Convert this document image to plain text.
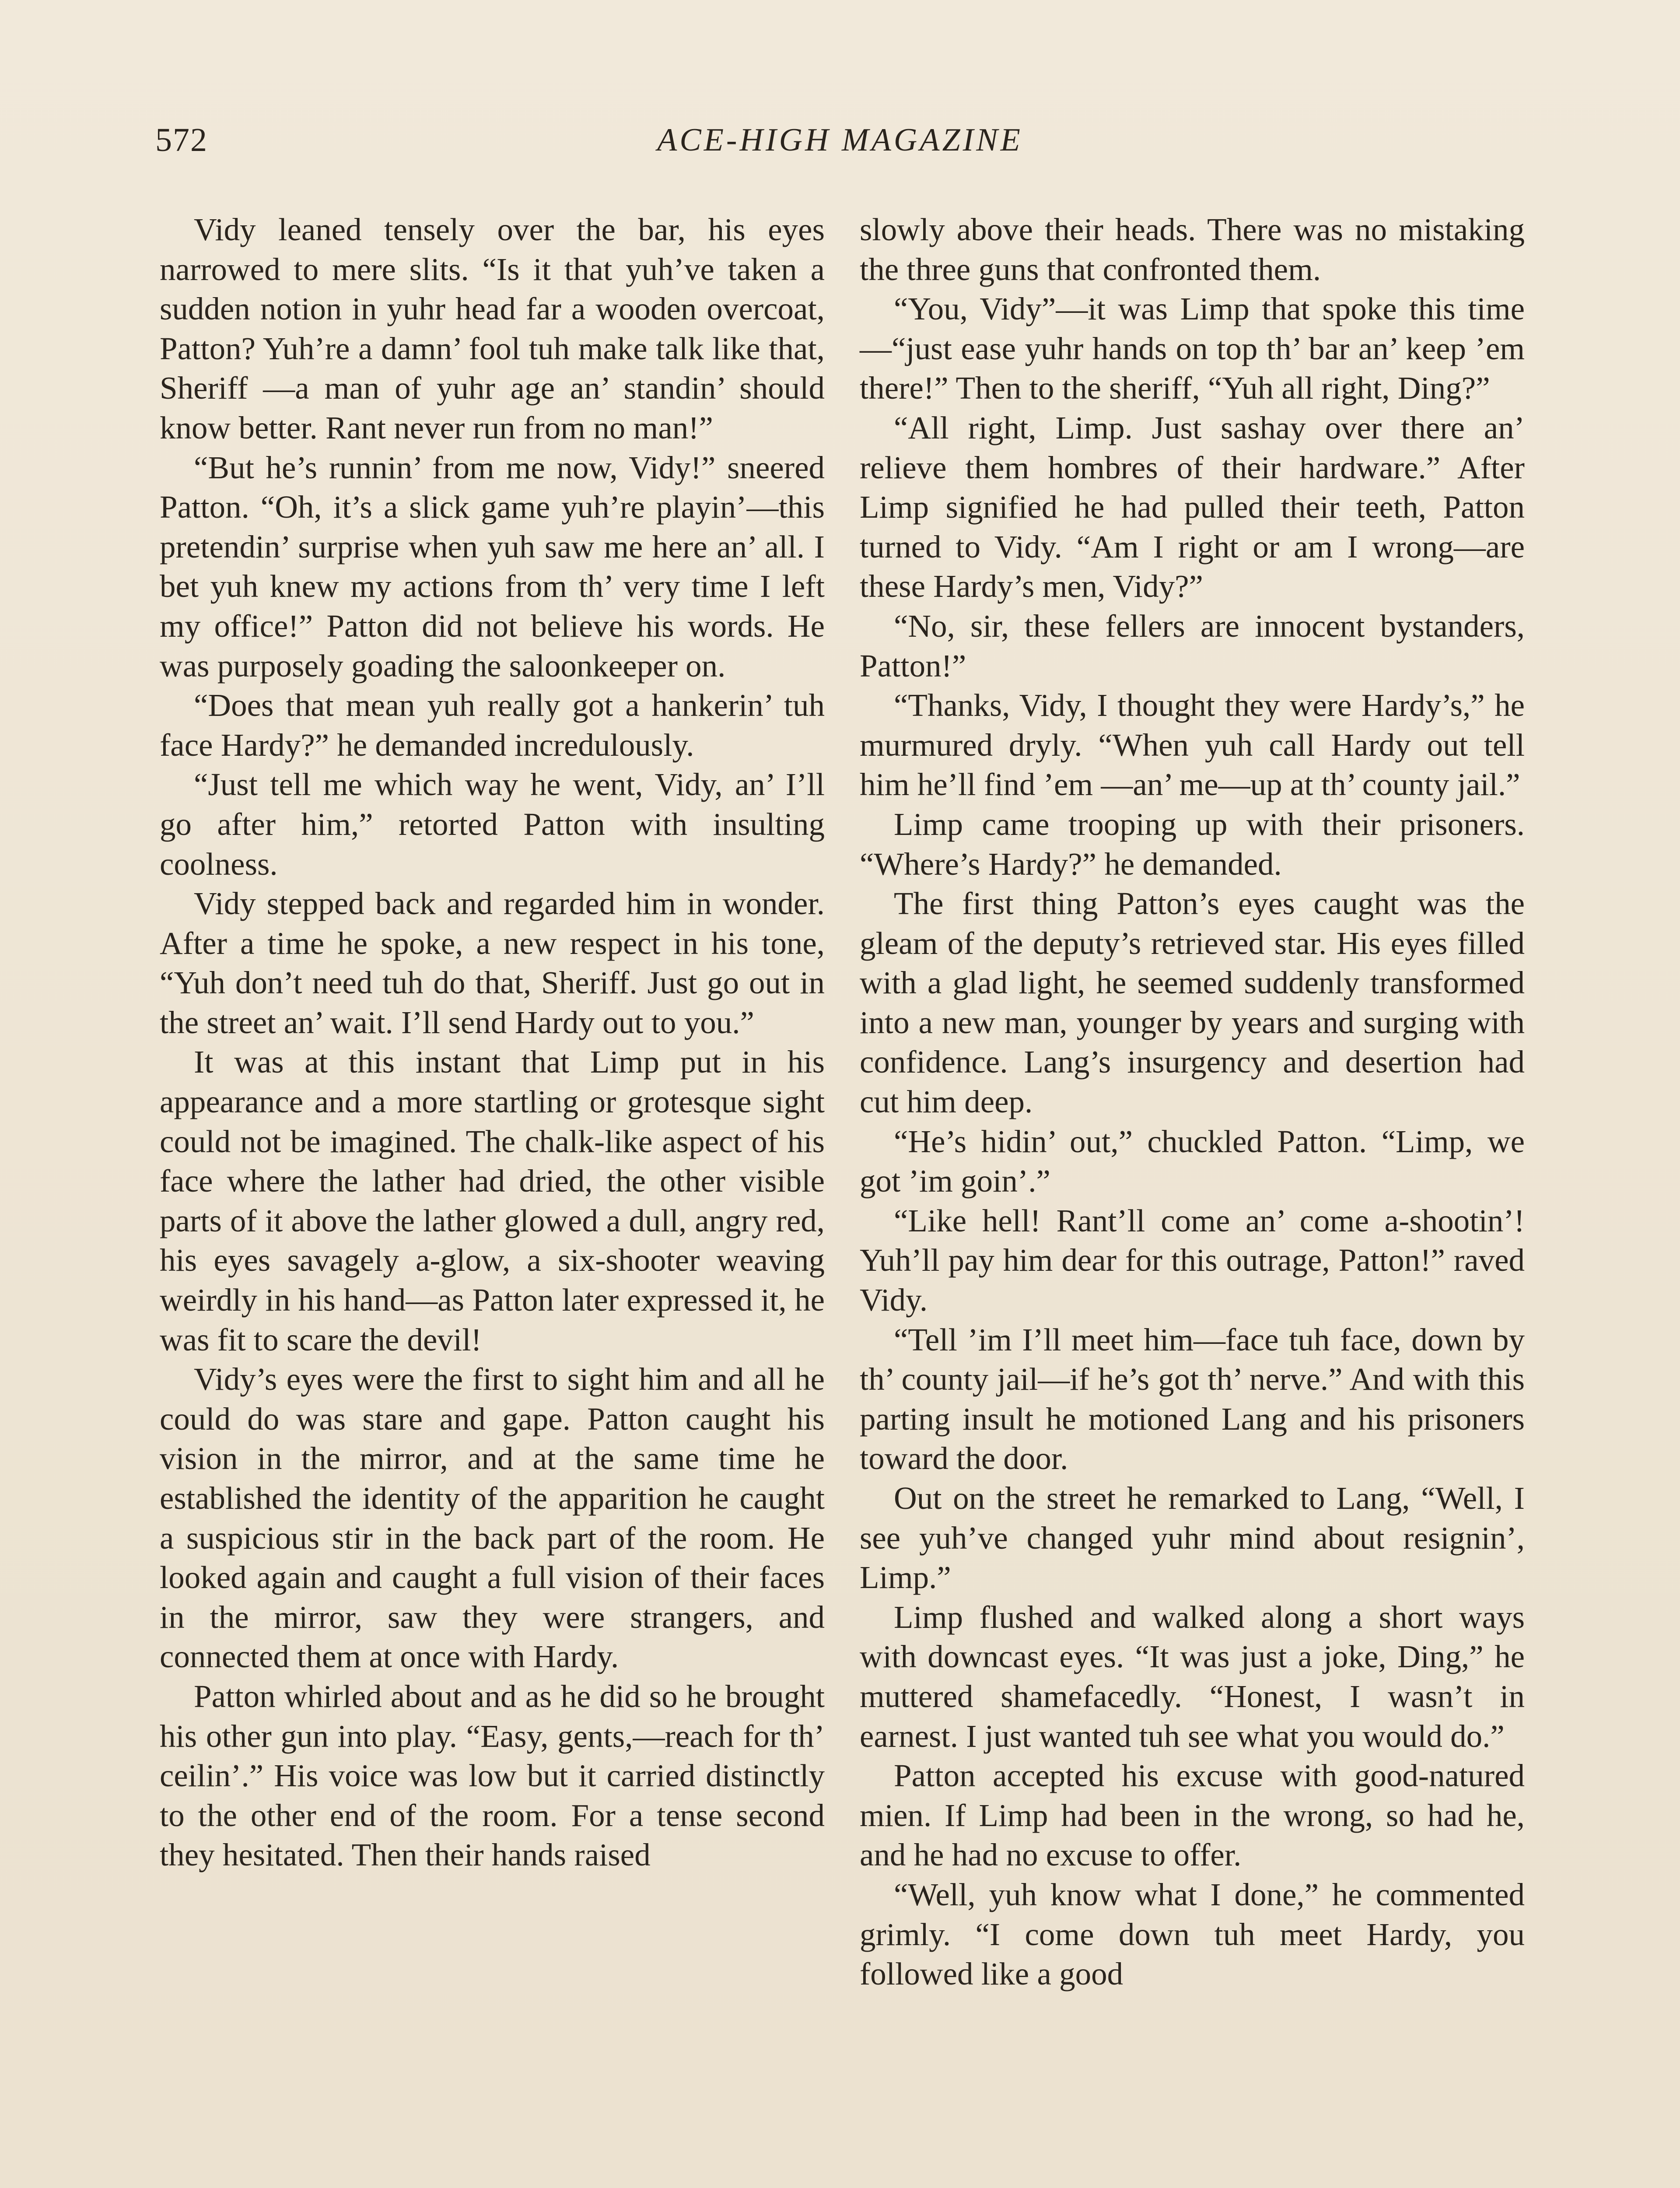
572	ACE-HIGH MAGAZINE

Vidy leaned tensely over the bar, his eyes narrowed to mere slits. “Is it that yuh’ve taken a sudden notion in yuhr head far a wooden overcoat, Patton? Yuh’re a damn’ fool tuh make talk like that, Sheriff —a man of yuhr age an’ standin’ should know better. Rant never run from no man!”

“But he’s runnin’ from me now, Vidy!” sneered Patton. “Oh, it’s a slick game yuh’re playin’—this pretendin’ surprise when yuh saw me here an’ all. I bet yuh knew my actions from th’ very time I left my office!” Patton did not believe his words. He was purposely goading the saloonkeeper on.

“Does that mean yuh really got a hankerin’ tuh face Hardy?” he demanded incredulously.

“Just tell me which way he went, Vidy, an’ I’ll go after him,” retorted Patton with insulting coolness.

Vidy stepped back and regarded him in wonder. After a time he spoke, a new respect in his tone, “Yuh don’t need tuh do that, Sheriff. Just go out in the street an’ wait. I’ll send Hardy out to you.”

It was at this instant that Limp put in his appearance and a more startling or grotesque sight could not be imagined. The chalk-like aspect of his face where the lather had dried, the other visible parts of it above the lather glowed a dull, angry red, his eyes savagely a-glow, a six-shooter weaving weirdly in his hand—as Patton later expressed it, he was fit to scare the devil!

Vidy’s eyes were the first to sight him and all he could do was stare and gape. Patton caught his vision in the mirror, and at the same time he established the identity of the apparition he caught a suspicious stir in the back part of the room. He looked again and caught a full vision of their faces in the mirror, saw they were strangers, and connected them at once with Hardy.

Patton whirled about and as he did so he brought his other gun into play. “Easy, gents,—reach for th’ ceilin’.” His voice was low but it carried distinctly to the other end of the room. For a tense second they hesitated. Then their hands raised

slowly above their heads. There was no mistaking the three guns that confronted them.

“You, Vidy”—it was Limp that spoke this time—“just ease yuhr hands on top th’ bar an’ keep ’em there!” Then to the sheriff, “Yuh all right, Ding?”

“All right, Limp. Just sashay over there an’ relieve them hombres of their hardware.” After Limp signified he had pulled their teeth, Patton turned to Vidy. “Am I right or am I wrong—are these Hardy’s men, Vidy?”

“No, sir, these fellers are innocent bystanders, Patton!”

“Thanks, Vidy, I thought they were Hardy’s,” he murmured dryly. “When yuh call Hardy out tell him he’ll find ’em —an’ me—up at th’ county jail.”

Limp came trooping up with their prisoners. “Where’s Hardy?” he demanded.

The first thing Patton’s eyes caught was the gleam of the deputy’s retrieved star. His eyes filled with a glad light, he seemed suddenly transformed into a new man, younger by years and surging with confidence. Lang’s insurgency and desertion had cut him deep.

“He’s hidin’ out,” chuckled Patton. “Limp, we got ’im goin’.”

“Like hell! Rant’ll come an’ come a-shootin’! Yuh’ll pay him dear for this outrage, Patton!” raved Vidy.

“Tell ’im I’ll meet him—face tuh face, down by th’ county jail—if he’s got th’ nerve.” And with this parting insult he motioned Lang and his prisoners toward the door.

Out on the street he remarked to Lang, “Well, I see yuh’ve changed yuhr mind about resignin’, Limp.”

Limp flushed and walked along a short ways with downcast eyes. “It was just a joke, Ding,” he muttered shamefacedly. “Honest, I wasn’t in earnest. I just wanted tuh see what you would do.”

Patton accepted his excuse with good-natured mien. If Limp had been in the wrong, so had he, and he had no excuse to offer.

“Well, yuh know what I done,” he commented grimly. “I come down tuh meet Hardy, you followed like a good
